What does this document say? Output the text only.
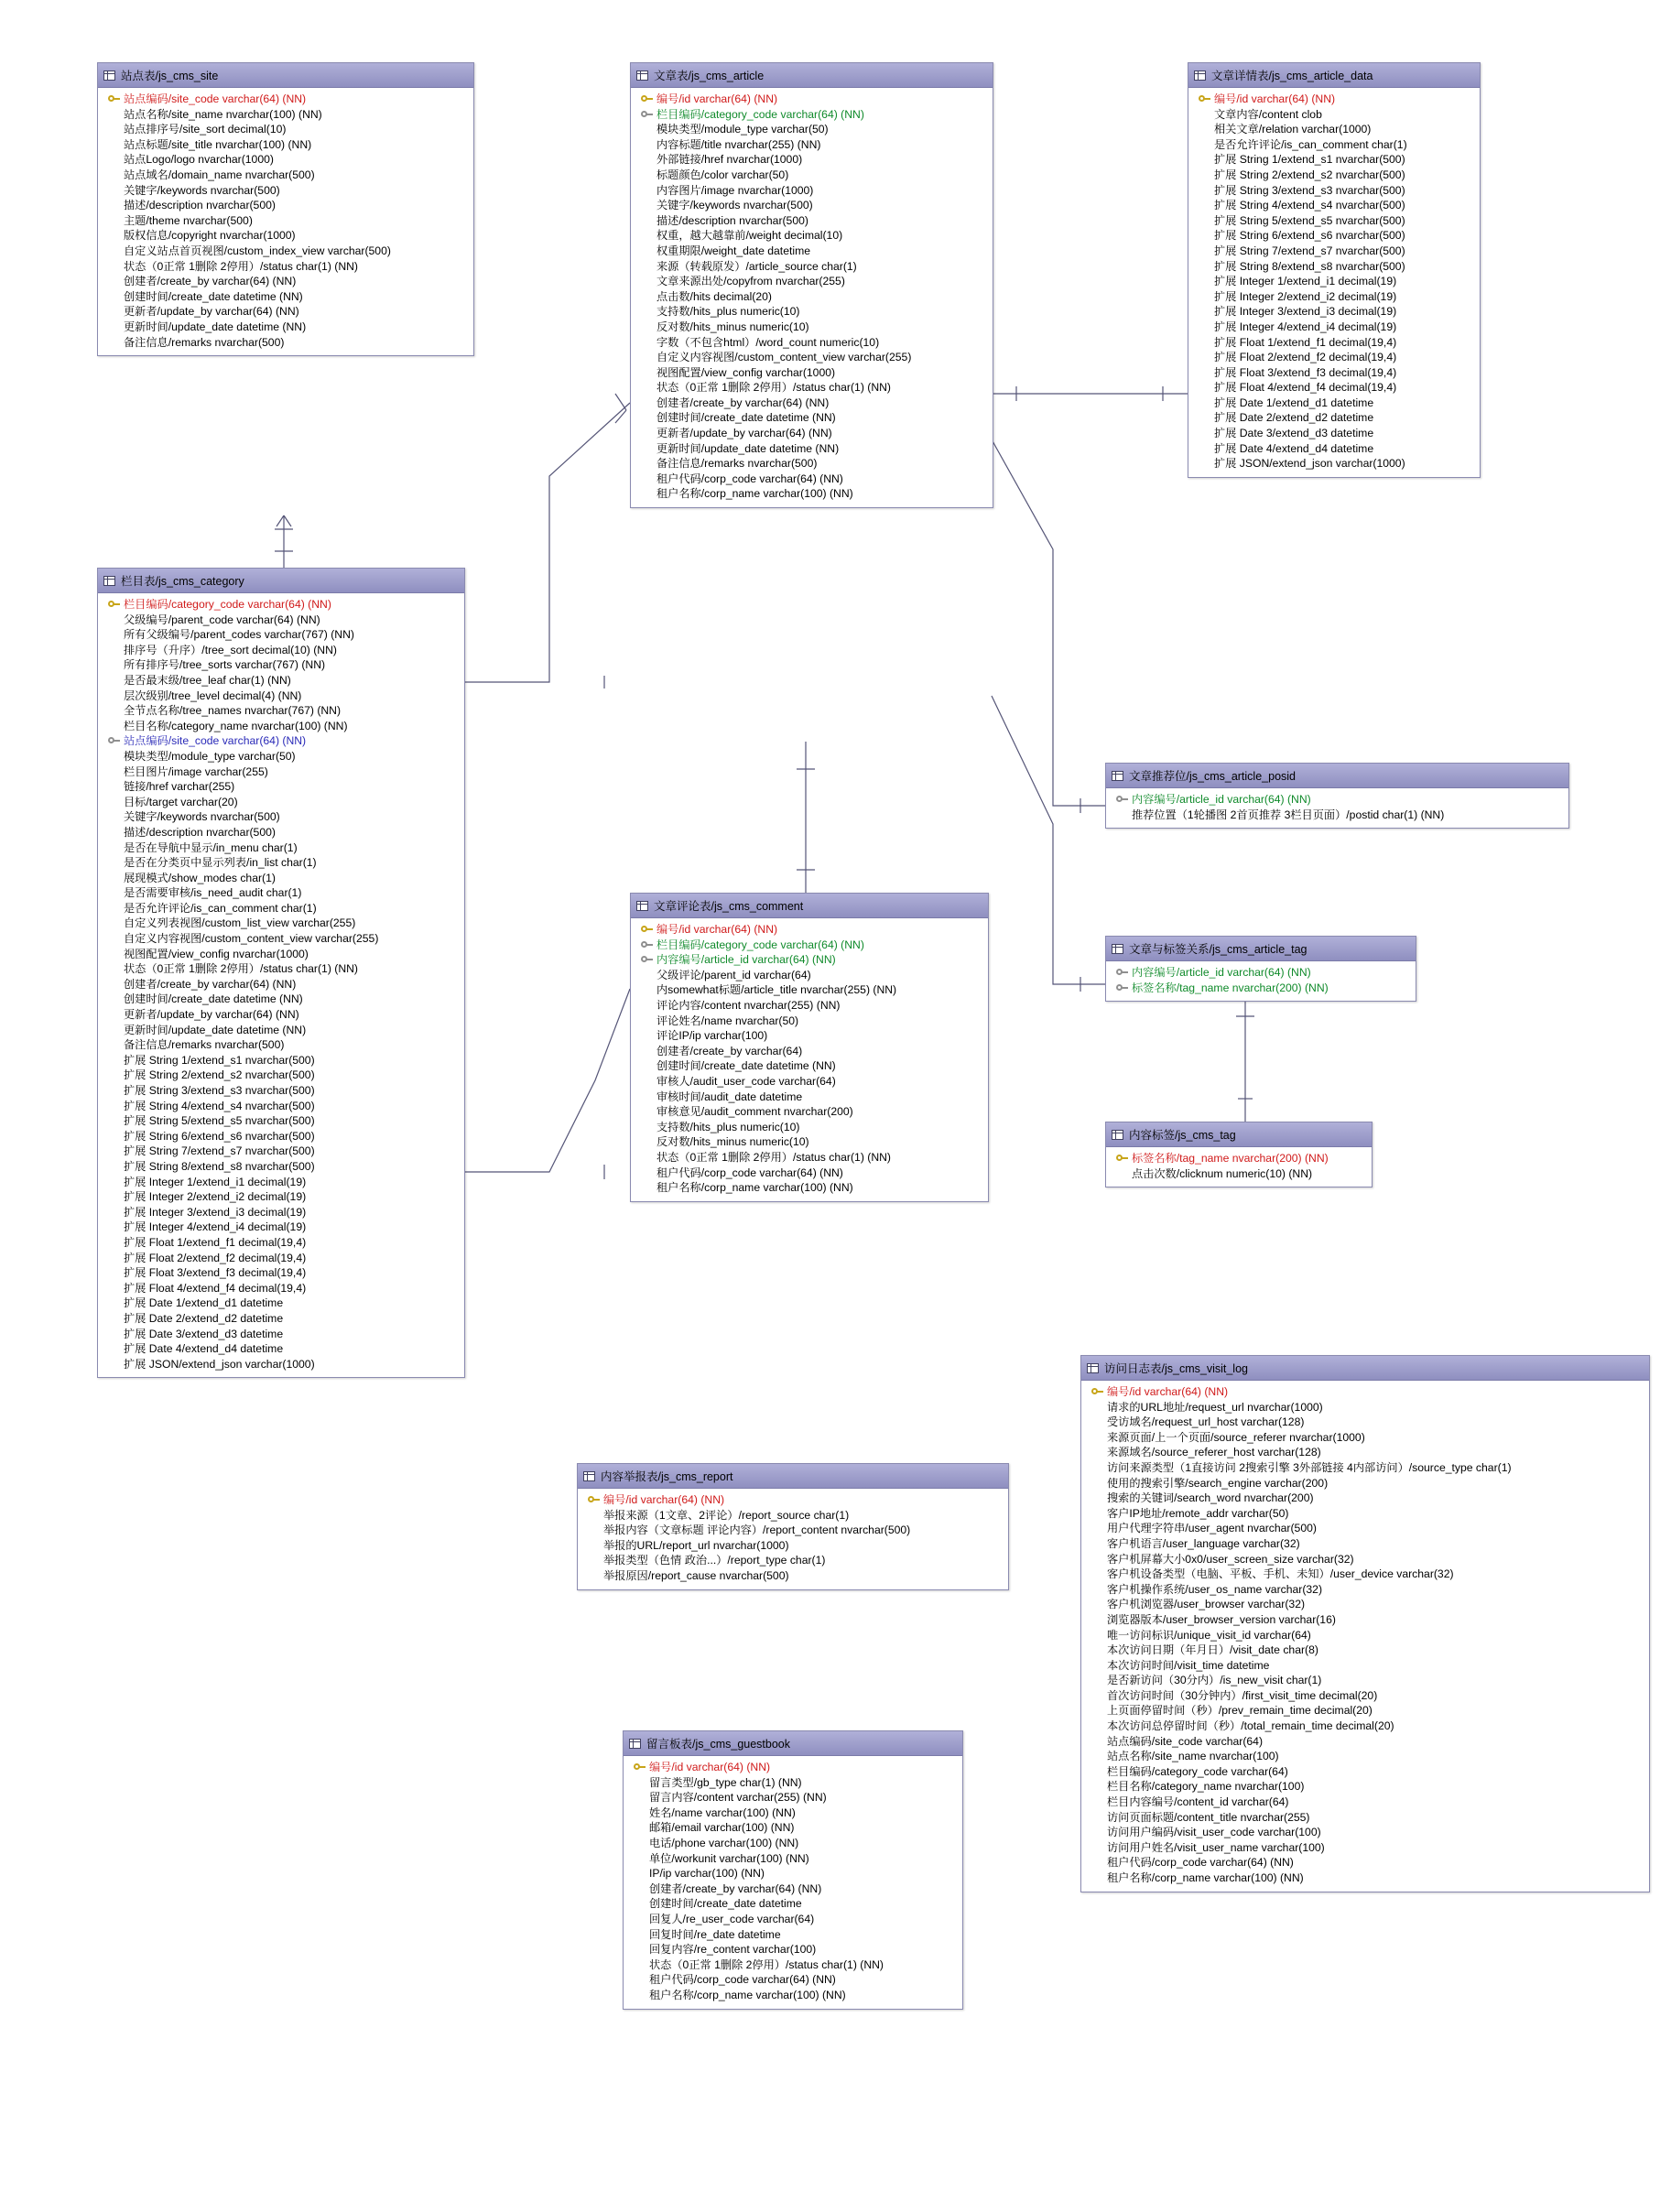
站点表/js_cms_site
站点编码/site_code varchar(64) (NN)
站点名称/site_name nvarchar(100) (NN)
站点排序号/site_sort decimal(10)
站点标题/site_title nvarchar(100) (NN)
站点Logo/logo nvarchar(1000)
站点域名/domain_name nvarchar(500)
关键字/keywords nvarchar(500)
描述/description nvarchar(500)
主题/theme nvarchar(500)
版权信息/copyright nvarchar(1000)
自定义站点首页视图/custom_index_view varchar(500)
状态（0正常 1删除 2停用）/status char(1) (NN)
创建者/create_by varchar(64) (NN)
创建时间/create_date datetime (NN)
更新者/update_by varchar(64) (NN)
更新时间/update_date datetime (NN)
备注信息/remarks nvarchar(500)
栏目表/js_cms_category
栏目编码/category_code varchar(64) (NN)
父级编号/parent_code varchar(64) (NN)
所有父级编号/parent_codes varchar(767) (NN)
排序号（升序）/tree_sort decimal(10) (NN)
所有排序号/tree_sorts varchar(767) (NN)
是否最末级/tree_leaf char(1) (NN)
层次级别/tree_level decimal(4) (NN)
全节点名称/tree_names nvarchar(767) (NN)
栏目名称/category_name nvarchar(100) (NN)
站点编码/site_code varchar(64) (NN)
模块类型/module_type varchar(50)
栏目图片/image varchar(255)
链接/href varchar(255)
目标/target varchar(20)
关键字/keywords nvarchar(500)
描述/description nvarchar(500)
是否在导航中显示/in_menu char(1)
是否在分类页中显示列表/in_list char(1)
展现模式/show_modes char(1)
是否需要审核/is_need_audit char(1)
是否允许评论/is_can_comment char(1)
自定义列表视图/custom_list_view varchar(255)
自定义内容视图/custom_content_view varchar(255)
视图配置/view_config nvarchar(1000)
状态（0正常 1删除 2停用）/status char(1) (NN)
创建者/create_by varchar(64) (NN)
创建时间/create_date datetime (NN)
更新者/update_by varchar(64) (NN)
更新时间/update_date datetime (NN)
备注信息/remarks nvarchar(500)
扩展 String 1/extend_s1 nvarchar(500)
扩展 String 2/extend_s2 nvarchar(500)
扩展 String 3/extend_s3 nvarchar(500)
扩展 String 4/extend_s4 nvarchar(500)
扩展 String 5/extend_s5 nvarchar(500)
扩展 String 6/extend_s6 nvarchar(500)
扩展 String 7/extend_s7 nvarchar(500)
扩展 String 8/extend_s8 nvarchar(500)
扩展 Integer 1/extend_i1 decimal(19)
扩展 Integer 2/extend_i2 decimal(19)
扩展 Integer 3/extend_i3 decimal(19)
扩展 Integer 4/extend_i4 decimal(19)
扩展 Float 1/extend_f1 decimal(19,4)
扩展 Float 2/extend_f2 decimal(19,4)
扩展 Float 3/extend_f3 decimal(19,4)
扩展 Float 4/extend_f4 decimal(19,4)
扩展 Date 1/extend_d1 datetime
扩展 Date 2/extend_d2 datetime
扩展 Date 3/extend_d3 datetime
扩展 Date 4/extend_d4 datetime
扩展 JSON/extend_json varchar(1000)
文章表/js_cms_article
编号/id varchar(64) (NN)
栏目编码/category_code varchar(64) (NN)
模块类型/module_type varchar(50)
内容标题/title nvarchar(255) (NN)
外部链接/href nvarchar(1000)
标题颜色/color varchar(50)
内容图片/image nvarchar(1000)
关键字/keywords nvarchar(500)
描述/description nvarchar(500)
权重，越大越靠前/weight decimal(10)
权重期限/weight_date datetime
来源（转载原发）/article_source char(1)
文章来源出处/copyfrom nvarchar(255)
点击数/hits decimal(20)
支持数/hits_plus numeric(10)
反对数/hits_minus numeric(10)
字数（不包含html）/word_count numeric(10)
自定义内容视图/custom_content_view varchar(255)
视图配置/view_config varchar(1000)
状态（0正常 1删除 2停用）/status char(1) (NN)
创建者/create_by varchar(64) (NN)
创建时间/create_date datetime (NN)
更新者/update_by varchar(64) (NN)
更新时间/update_date datetime (NN)
备注信息/remarks nvarchar(500)
租户代码/corp_code varchar(64) (NN)
租户名称/corp_name varchar(100) (NN)
文章详情表/js_cms_article_data
编号/id varchar(64) (NN)
文章内容/content clob
相关文章/relation varchar(1000)
是否允许评论/is_can_comment char(1)
扩展 String 1/extend_s1 nvarchar(500)
扩展 String 2/extend_s2 nvarchar(500)
扩展 String 3/extend_s3 nvarchar(500)
扩展 String 4/extend_s4 nvarchar(500)
扩展 String 5/extend_s5 nvarchar(500)
扩展 String 6/extend_s6 nvarchar(500)
扩展 String 7/extend_s7 nvarchar(500)
扩展 String 8/extend_s8 nvarchar(500)
扩展 Integer 1/extend_i1 decimal(19)
扩展 Integer 2/extend_i2 decimal(19)
扩展 Integer 3/extend_i3 decimal(19)
扩展 Integer 4/extend_i4 decimal(19)
扩展 Float 1/extend_f1 decimal(19,4)
扩展 Float 2/extend_f2 decimal(19,4)
扩展 Float 3/extend_f3 decimal(19,4)
扩展 Float 4/extend_f4 decimal(19,4)
扩展 Date 1/extend_d1 datetime
扩展 Date 2/extend_d2 datetime
扩展 Date 3/extend_d3 datetime
扩展 Date 4/extend_d4 datetime
扩展 JSON/extend_json varchar(1000)
文章推荐位/js_cms_article_posid
内容编号/article_id varchar(64) (NN)
推荐位置（1轮播图 2首页推荐 3栏目页面）/postid char(1) (NN)
文章与标签关系/js_cms_article_tag
内容编号/article_id varchar(64) (NN)
标签名称/tag_name nvarchar(200) (NN)
内容标签/js_cms_tag
标签名称/tag_name nvarchar(200) (NN)
点击次数/clicknum numeric(10) (NN)
文章评论表/js_cms_comment
编号/id varchar(64) (NN)
栏目编码/category_code varchar(64) (NN)
内容编号/article_id varchar(64) (NN)
父级评论/parent_id varchar(64)
内somewhat标题/article_title nvarchar(255) (NN)
评论内容/content nvarchar(255) (NN)
评论姓名/name nvarchar(50)
评论IP/ip varchar(100)
创建者/create_by varchar(64)
创建时间/create_date datetime (NN)
审核人/audit_user_code varchar(64)
审核时间/audit_date datetime
审核意见/audit_comment nvarchar(200)
支持数/hits_plus numeric(10)
反对数/hits_minus numeric(10)
状态（0正常 1删除 2停用）/status char(1) (NN)
租户代码/corp_code varchar(64) (NN)
租户名称/corp_name varchar(100) (NN)
内容举报表/js_cms_report
编号/id varchar(64) (NN)
举报来源（1文章、2评论）/report_source char(1)
举报内容（文章标题 评论内容）/report_content nvarchar(500)
举报的URL/report_url nvarchar(1000)
举报类型（色情 政治...）/report_type char(1)
举报原因/report_cause nvarchar(500)
留言板表/js_cms_guestbook
编号/id varchar(64) (NN)
留言类型/gb_type char(1) (NN)
留言内容/content varchar(255) (NN)
姓名/name varchar(100) (NN)
邮箱/email varchar(100) (NN)
电话/phone varchar(100) (NN)
单位/workunit varchar(100) (NN)
IP/ip varchar(100) (NN)
创建者/create_by varchar(64) (NN)
创建时间/create_date datetime
回复人/re_user_code varchar(64)
回复时间/re_date datetime
回复内容/re_content varchar(100)
状态（0正常 1删除 2停用）/status char(1) (NN)
租户代码/corp_code varchar(64) (NN)
租户名称/corp_name varchar(100) (NN)
访问日志表/js_cms_visit_log
编号/id varchar(64) (NN)
请求的URL地址/request_url nvarchar(1000)
受访域名/request_url_host varchar(128)
来源页面/上一个页面/source_referer nvarchar(1000)
来源域名/source_referer_host varchar(128)
访问来源类型（1直接访问 2搜索引擎 3外部链接 4内部访问）/source_type char(1)
使用的搜索引擎/search_engine varchar(200)
搜索的关键词/search_word nvarchar(200)
客户IP地址/remote_addr varchar(50)
用户代理字符串/user_agent nvarchar(500)
客户机语言/user_language varchar(32)
客户机屏幕大小0x0/user_screen_size varchar(32)
客户机设备类型（电脑、平板、手机、未知）/user_device varchar(32)
客户机操作系统/user_os_name varchar(32)
客户机浏览器/user_browser varchar(32)
浏览器版本/user_browser_version varchar(16)
唯一访问标识/unique_visit_id varchar(64)
本次访问日期（年月日）/visit_date char(8)
本次访问时间/visit_time datetime
是否新访问（30分内）/is_new_visit char(1)
首次访问时间（30分钟内）/first_visit_time decimal(20)
上页面停留时间（秒）/prev_remain_time decimal(20)
本次访问总停留时间（秒）/total_remain_time decimal(20)
站点编码/site_code varchar(64)
站点名称/site_name nvarchar(100)
栏目编码/category_code varchar(64)
栏目名称/category_name nvarchar(100)
栏目内容编号/content_id varchar(64)
访问页面标题/content_title nvarchar(255)
访问用户编码/visit_user_code varchar(100)
访问用户姓名/visit_user_name varchar(100)
租户代码/corp_code varchar(64) (NN)
租户名称/corp_name varchar(100) (NN)
